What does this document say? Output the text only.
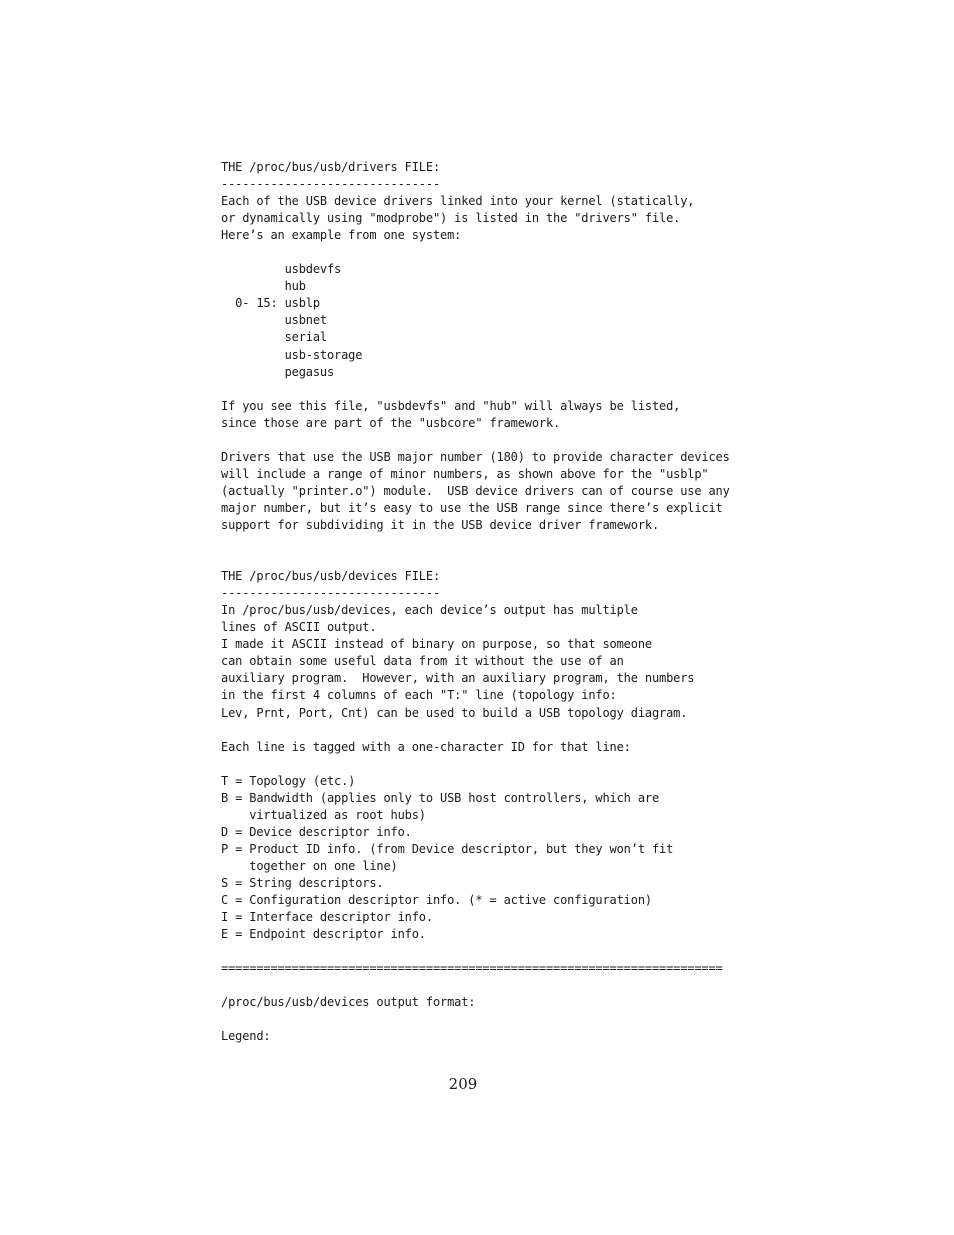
THE /proc/bus/usb/drivers FILE:
-------------------------------
Each of the USB device drivers linked into your kernel (statically,
or dynamically using "modprobe") is listed in the "drivers" file.
Here’s an example from one system:
usbdevfs
hub
0- 15: usblp
usbnet
serial
usb-storage
pegasus
If you see this file, "usbdevfs" and "hub" will always be listed,
since those are part of the "usbcore" framework.
Drivers that use the USB major number (180) to provide character devices
will include a range of minor numbers, as shown above for the "usblp"
(actually "printer.o") module.  USB device drivers can of course use any
major number, but it’s easy to use the USB range since there’s explicit
support for subdividing it in the USB device driver framework.
THE /proc/bus/usb/devices FILE:
-------------------------------
In /proc/bus/usb/devices, each device’s output has multiple
lines of ASCII output.
I made it ASCII instead of binary on purpose, so that someone
can obtain some useful data from it without the use of an
auxiliary program.  However, with an auxiliary program, the numbers
in the first 4 columns of each "T:" line (topology info:
Lev, Prnt, Port, Cnt) can be used to build a USB topology diagram.
Each line is tagged with a one-character ID for that line:
T = Topology (etc.)
B = Bandwidth (applies only to USB host controllers, which are
virtualized as root hubs)
D = Device descriptor info.
P = Product ID info. (from Device descriptor, but they won’t fit
together on one line)
S = String descriptors.
C = Configuration descriptor info. (* = active configuration)
I = Interface descriptor info.
E = Endpoint descriptor info.
=======================================================================
/proc/bus/usb/devices output format:
Legend:
209
